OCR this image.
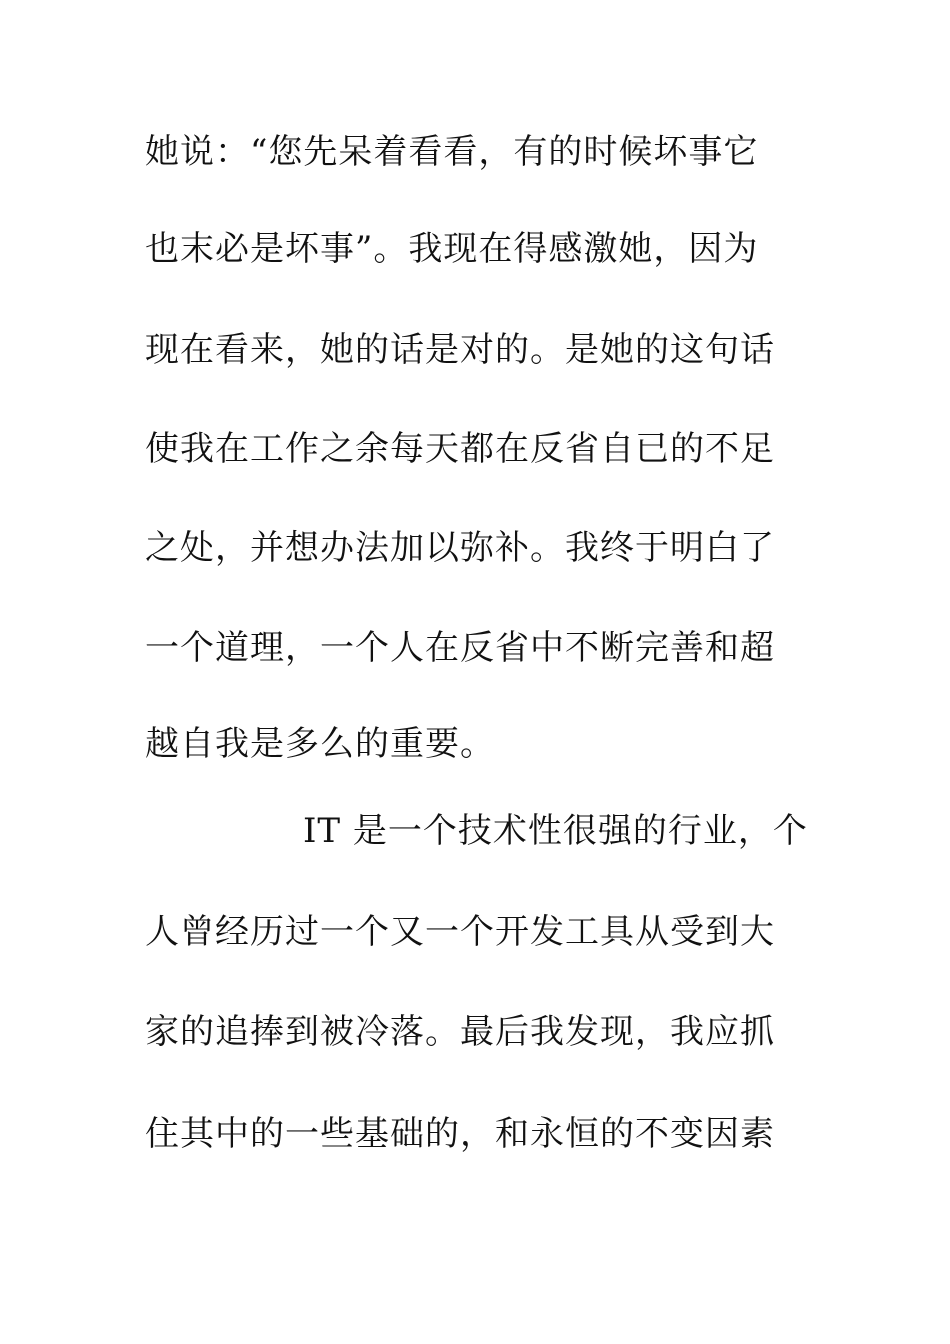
她说：“您先呆着看看，有的时候坏事它
也末必是坏事”。我现在得感激她，因为
现在看来，她的话是对的。是她的这句话
使我在工作之余每天都在反省自已的不足
之处，并想办法加以弥补。我终于明白了
一个道理，一个人在反省中不断完善和超
越自我是多么的重要。
IT 是一个技术性很强的行业，个
人曾经历过一个又一个开发工具从受到大
家的追捧到被冷落。最后我发现，我应抓
住其中的一些基础的，和永恒的不变因素
